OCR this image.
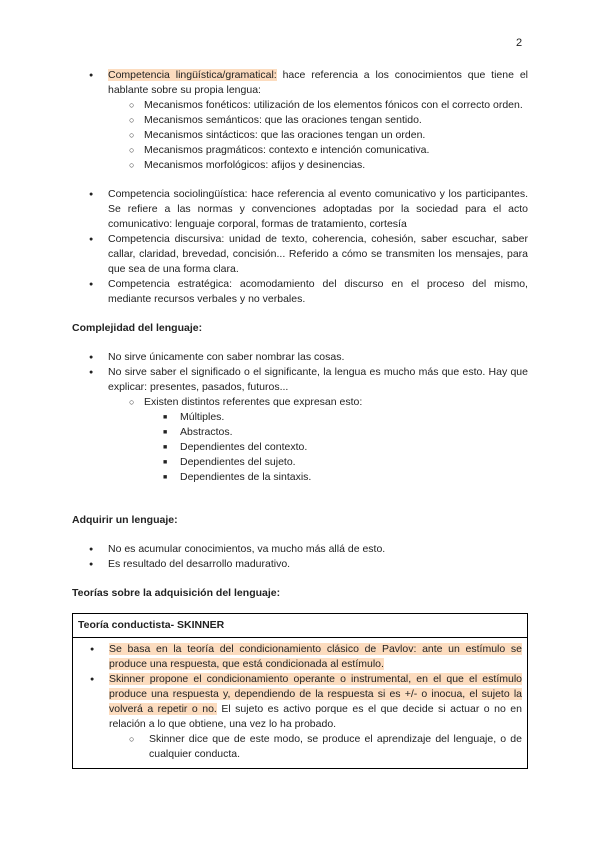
2
● Competencia lingüística/gramatical: hace referencia a los conocimientos que tiene el hablante sobre su propia lengua:
○ Mecanismos fonéticos: utilización de los elementos fónicos con el correcto orden.
○ Mecanismos semánticos: que las oraciones tengan sentido.
○ Mecanismos sintácticos: que las oraciones tengan un orden.
○ Mecanismos pragmáticos: contexto e intención comunicativa.
○ Mecanismos morfológicos: afijos y desinencias.
● Competencia sociolingüística: hace referencia al evento comunicativo y los participantes. Se refiere a las normas y convenciones adoptadas por la sociedad para el acto comunicativo: lenguaje corporal, formas de tratamiento, cortesía
● Competencia discursiva: unidad de texto, coherencia, cohesión, saber escuchar, saber callar, claridad, brevedad, concisión... Referido a cómo se transmiten los mensajes, para que sea de una forma clara.
● Competencia estratégica: acomodamiento del discurso en el proceso del mismo, mediante recursos verbales y no verbales.

Complejidad del lenguaje:

● No sirve únicamente con saber nombrar las cosas.
● No sirve saber el significado o el significante, la lengua es mucho más que esto. Hay que explicar: presentes, pasados, futuros...
○ Existen distintos referentes que expresan esto:
■ Múltiples.
■ Abstractos.
■ Dependientes del contexto.
■ Dependientes del sujeto.
■ Dependientes de la sintaxis.

Adquirir un lenguaje:

● No es acumular conocimientos, va mucho más allá de esto.
● Es resultado del desarrollo madurativo.

Teorías sobre la adquisición del lenguaje:

Teoría conductista- SKINNER
● Se basa en la teoría del condicionamiento clásico de Pavlov: ante un estímulo se produce una respuesta, que está condicionada al estímulo.
● Skinner propone el condicionamiento operante o instrumental, en el que el estímulo produce una respuesta y, dependiendo de la respuesta si es +/- o inocua, el sujeto la volverá a repetir o no. El sujeto es activo porque es el que decide si actuar o no en relación a lo que obtiene, una vez lo ha probado.
○ Skinner dice que de este modo, se produce el aprendizaje del lenguaje, o de cualquier conducta.
